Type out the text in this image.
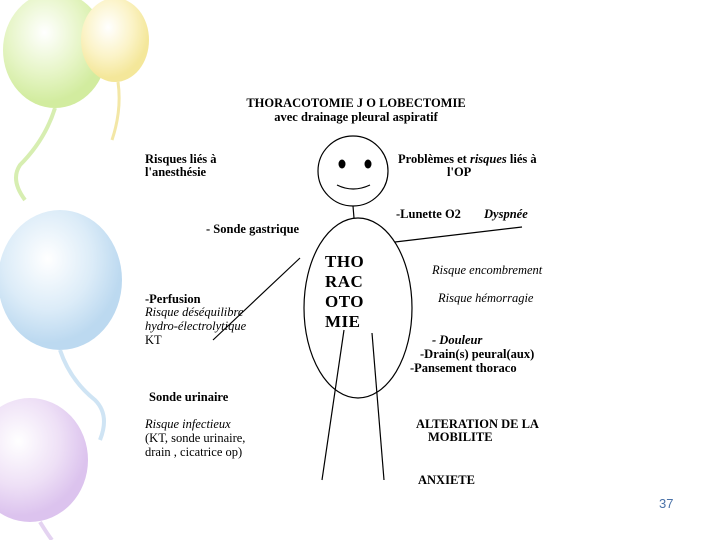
THORACOTOMIE J O LOBECTOMIE
avec drainage pleural aspiratif
Risques liés à
l'anesthésie
- Sonde gastrique
-Perfusion
Risque déséquilibre
hydro-électrolytique
KT
Sonde urinaire
Risque infectieux
(KT, sonde urinaire,
drain , cicatrice op)
Problèmes et risques liés à
l'OP
-Lunette O2 Dyspnée
Risque encombrement
Risque hémorragie
- Douleur
-Drain(s) peural(aux)
-Pansement thoraco
ALTERATION DE LA
MOBILITE
ANXIETE
THO
RAC
OTO
MIE
37
